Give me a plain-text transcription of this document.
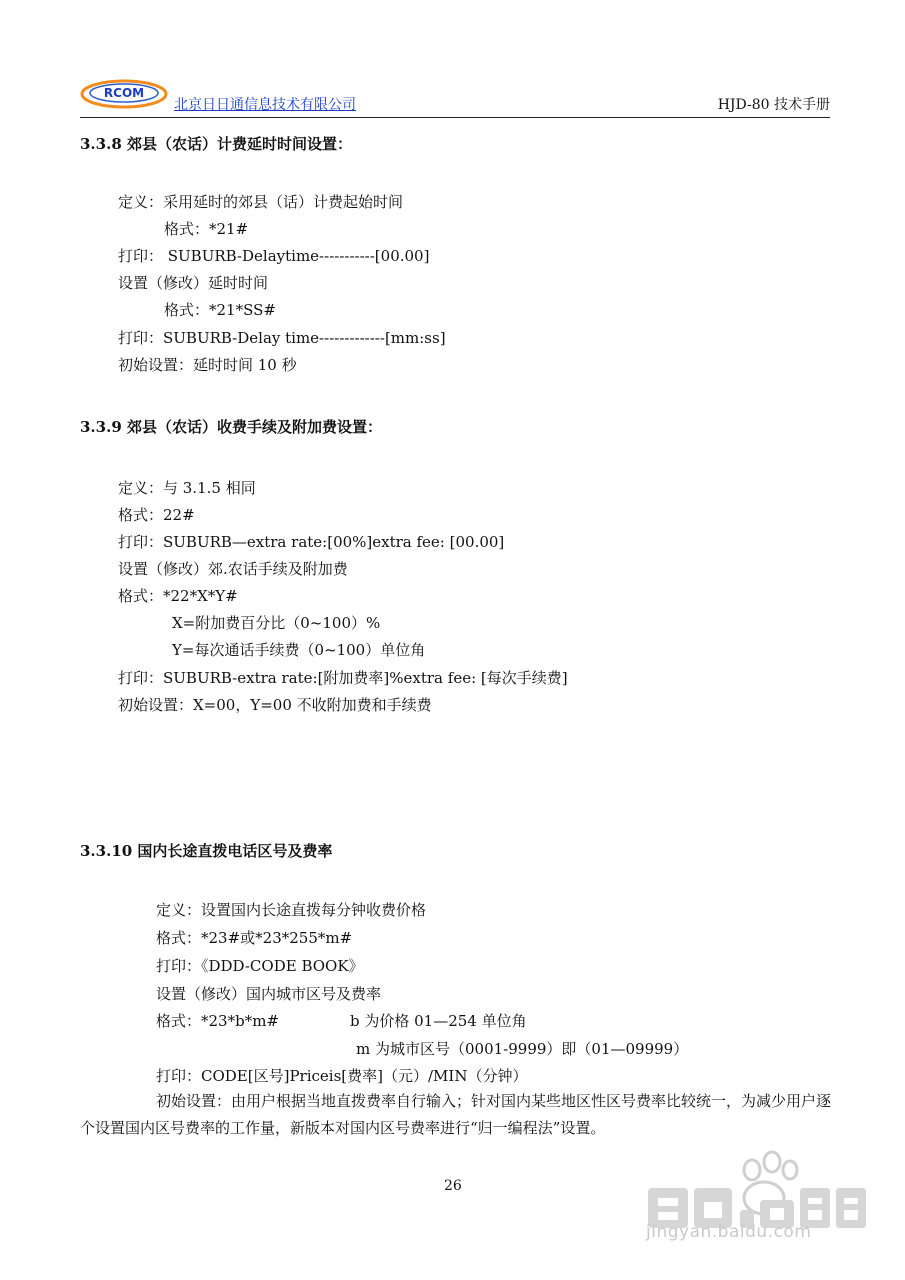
RCOM
北京日日通信息技术有限公司	HJD-80 技术手册
3.3.8 郊县（农话）计费延时时间设置：
定义：采用延时的郊县（话）计费起始时间
格式：*21#
打印： SUBURB-Delaytime-----------[00.00]
设置（修改）延时时间
格式：*21*SS#
打印：SUBURB-Delay time-------------[mm:ss]
初始设置：延时时间 10 秒
3.3.9 郊县（农话）收费手续及附加费设置：
定义：与 3.1.5 相同
格式：22#
打印：SUBURB—extra rate:[00%]extra fee: [00.00]
设置（修改）郊.农话手续及附加费
格式：*22*X*Y#
X=附加费百分比（0~100）%
Y=每次通话手续费（0~100）单位角
打印：SUBURB-extra rate:[附加费率]%extra fee: [每次手续费]
初始设置：X=00，Y=00 不收附加费和手续费
3.3.10 国内长途直拨电话区号及费率
定义：设置国内长途直拨每分钟收费价格
格式：*23#或*23*255*m#
打印：《DDD-CODE BOOK》
设置（修改）国内城市区号及费率
格式：*23*b*m#	b 为价格 01—254 单位角
m 为城市区号（0001-9999）即（01—09999）
打印：CODE[区号]Priceis[费率]（元）/MIN（分钟）
初始设置：由用户根据当地直拨费率自行输入；针对国内某些地区性区号费率比较统一，为减少用户逐个设置国内区号费率的工作量，新版本对国内区号费率进行“归一编程法”设置。
26
jingyan.baidu.com
